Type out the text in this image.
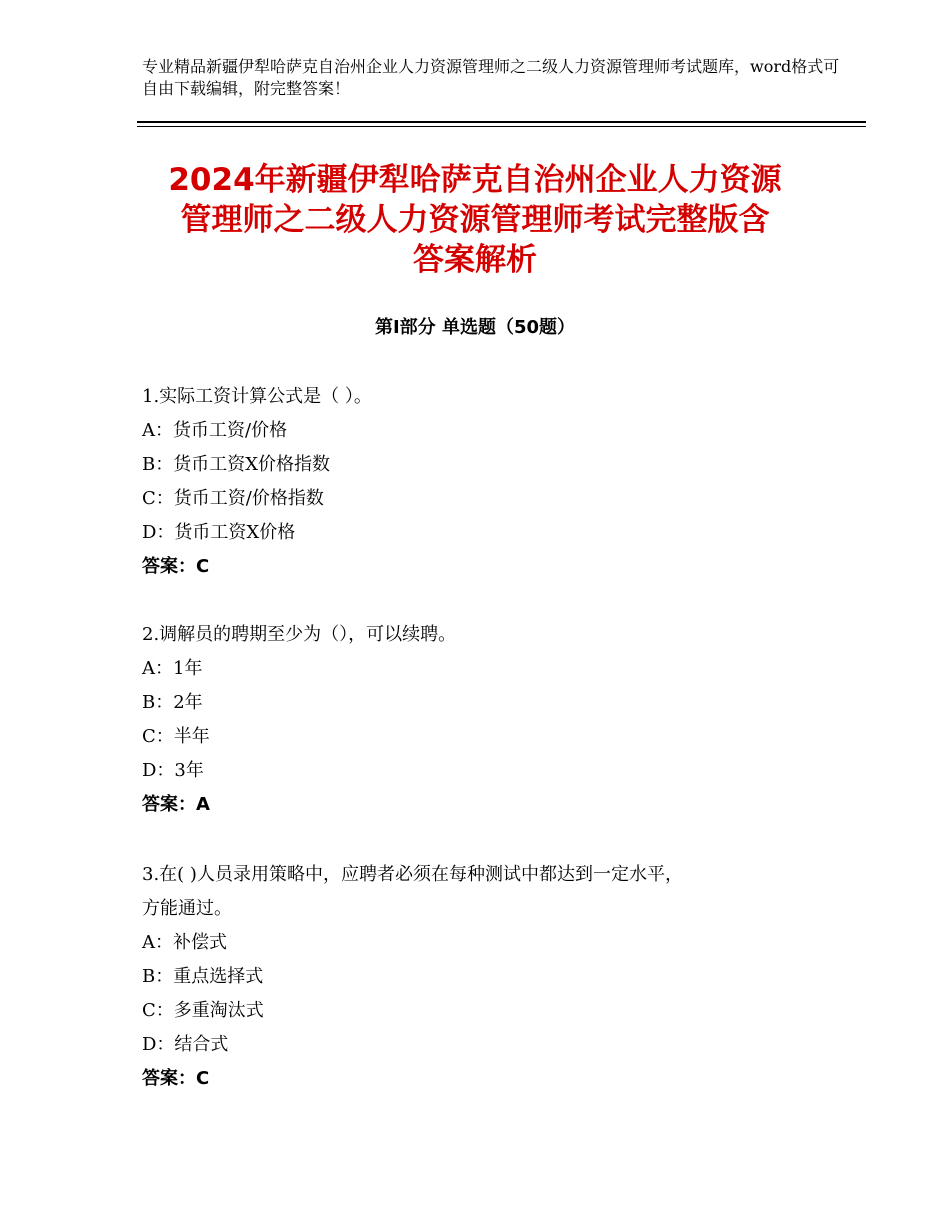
专业精品新疆伊犁哈萨克自治州企业人力资源管理师之二级人力资源管理师考试题库，word格式可自由下载编辑，附完整答案！
2024年新疆伊犁哈萨克自治州企业人力资源
管理师之二级人力资源管理师考试完整版含
答案解析
第Ⅰ部分 单选题（50题）

1.实际工资计算公式是（ ）。

A：货币工资/价格

B：货币工资X价格指数

C：货币工资/价格指数

D：货币工资X价格

答案：C

2.调解员的聘期至少为（），可以续聘。

A：1年

B：2年

C：半年

D：3年

答案：A

3.在( )人员录用策略中，应聘者必须在每种测试中都达到一定水平，

方能通过。

A：补偿式

B：重点选择式

C：多重淘汰式

D：结合式

答案：C
